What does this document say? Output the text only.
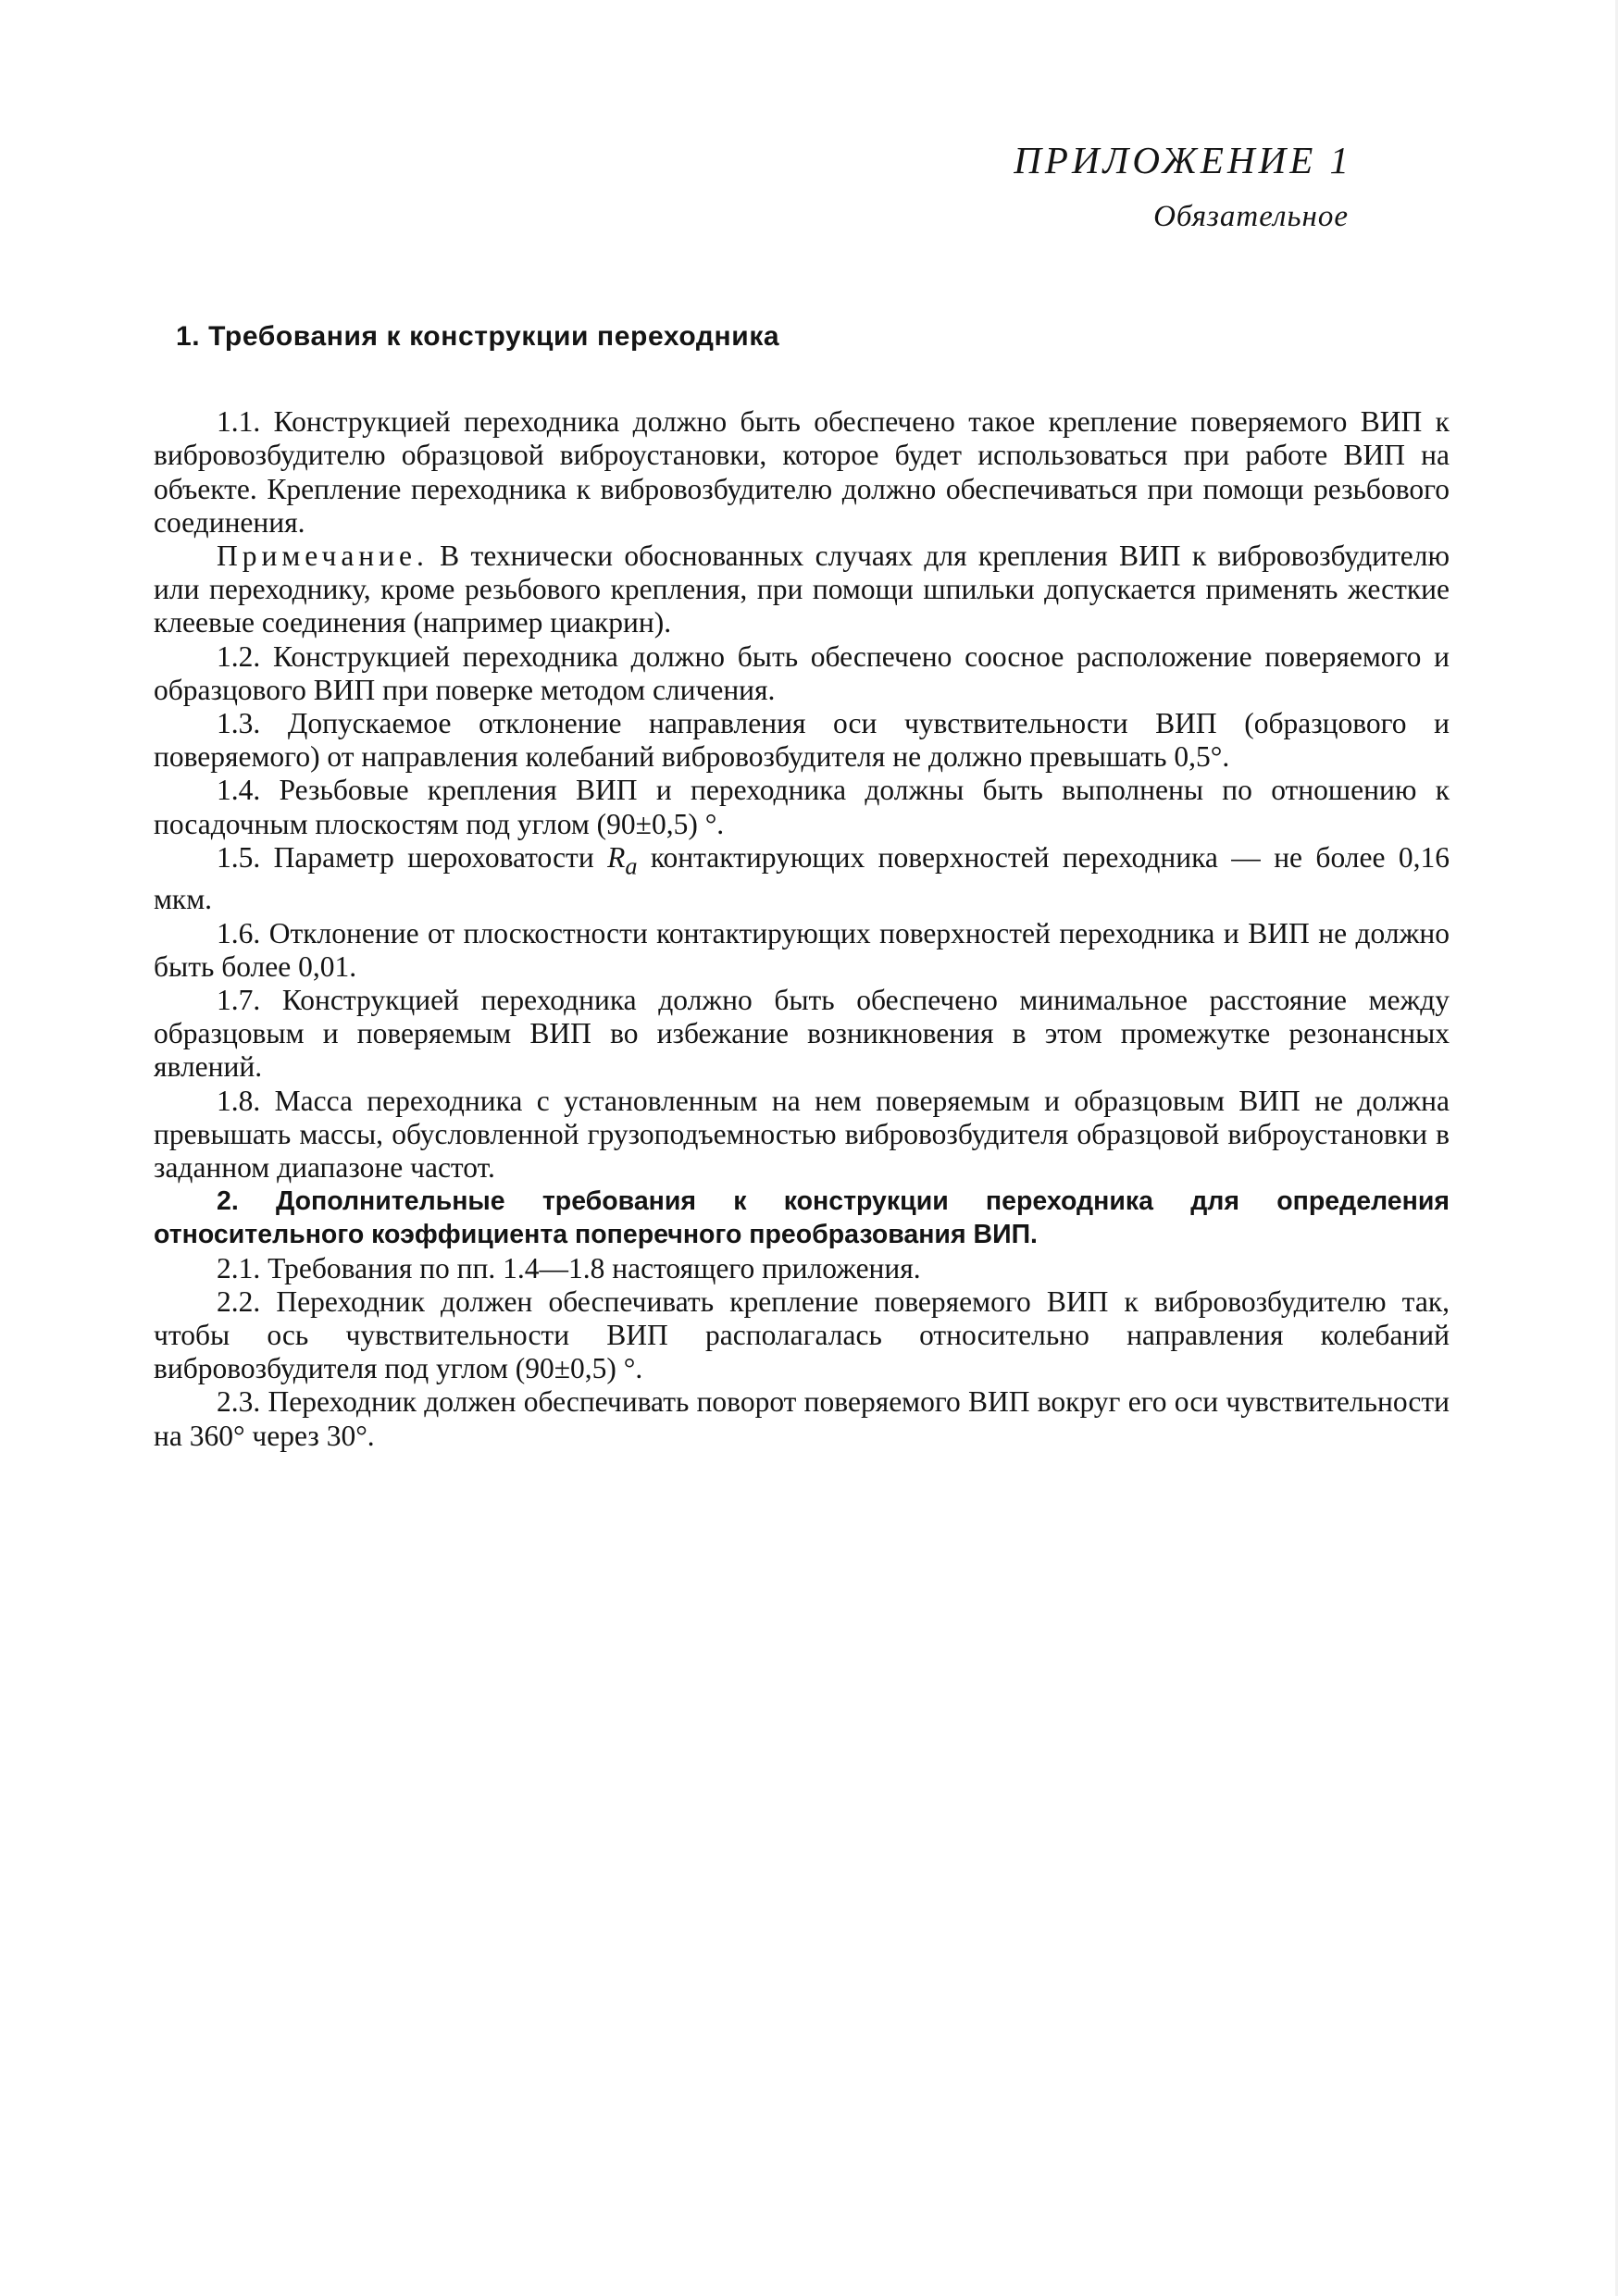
ПРИЛОЖЕНИЕ 1
Обязательное
1. Требования к конструкции переходника

1.1. Конструкцией переходника должно быть обеспечено такое крепление поверяемого ВИП к вибровозбудителю образцовой виброустановки, которое будет использоваться при работе ВИП на объекте. Крепление переходника к вибровозбудителю должно обеспечиваться при помощи резьбового соединения.

Примечание. В технически обоснованных случаях для крепления ВИП к вибровозбудителю или переходнику, кроме резьбового крепления, при помощи шпильки допускается применять жесткие клеевые соединения (например циакрин).

1.2. Конструкцией переходника должно быть обеспечено соосное расположение поверяемого и образцового ВИП при поверке методом сличения.

1.3. Допускаемое отклонение направления оси чувствительности ВИП (образцового и поверяемого) от направления колебаний вибровозбудителя не должно превышать 0,5°.

1.4. Резьбовые крепления ВИП и переходника должны быть выполнены по отношению к посадочным плоскостям под углом (90±0,5) °.

1.5. Параметр шероховатости $R_a$ контактирующих поверхностей переходника — не более 0,16 мкм.

1.6. Отклонение от плоскостности контактирующих поверхностей переходника и ВИП не должно быть более 0,01.

1.7. Конструкцией переходника должно быть обеспечено минимальное расстояние между образцовым и поверяемым ВИП во избежание возникновения в этом промежутке резонансных явлений.

1.8. Масса переходника с установленным на нем поверяемым и образцовым ВИП не должна превышать массы, обусловленной грузоподъемностью вибровозбудителя образцовой виброустановки в заданном диапазоне частот.

2. Дополнительные требования к конструкции переходника для определения относительного коэффициента поперечного преобразования ВИП.

2.1. Требования по пп. 1.4—1.8 настоящего приложения.

2.2. Переходник должен обеспечивать крепление поверяемого ВИП к вибровозбудителю так, чтобы ось чувствительности ВИП располагалась относительно направления колебаний вибровозбудителя под углом (90±0,5) °.

2.3. Переходник должен обеспечивать поворот поверяемого ВИП вокруг его оси чувствительности на 360° через 30°.
